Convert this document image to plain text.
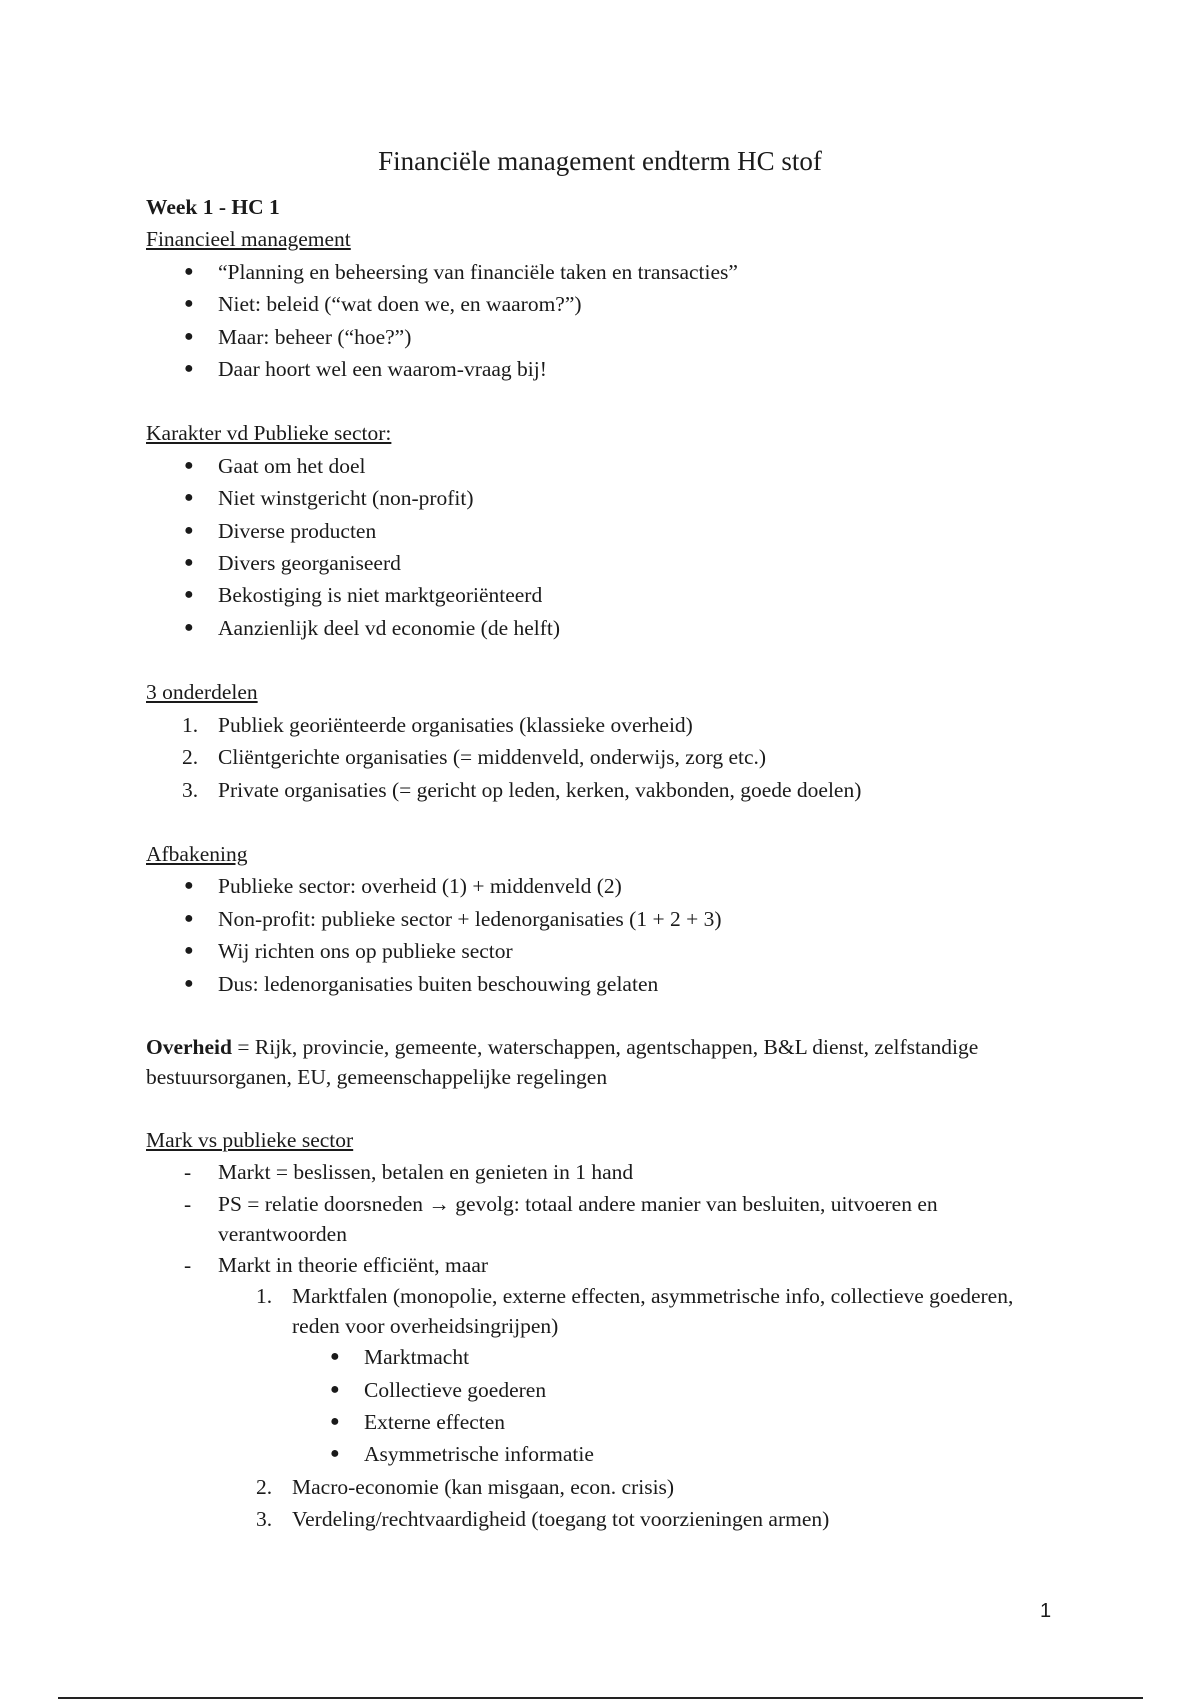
Financiële management endterm HC stof
Week 1 - HC 1
Financieel management
● “Planning en beheersing van financiële taken en transacties”
● Niet: beleid (“wat doen we, en waarom?”)
● Maar: beheer (“hoe?”)
● Daar hoort wel een waarom-vraag bij!
Karakter vd Publieke sector:
● Gaat om het doel
● Niet winstgericht (non-profit)
● Diverse producten
● Divers georganiseerd
● Bekostiging is niet marktgeoriënteerd
● Aanzienlijk deel vd economie (de helft)
3 onderdelen
1. Publiek georiënteerde organisaties (klassieke overheid)
2. Cliëntgerichte organisaties (= middenveld, onderwijs, zorg etc.)
3. Private organisaties (= gericht op leden, kerken, vakbonden, goede doelen)
Afbakening
● Publieke sector: overheid (1) + middenveld (2)
● Non-profit: publieke sector + ledenorganisaties (1 + 2 + 3)
● Wij richten ons op publieke sector
● Dus: ledenorganisaties buiten beschouwing gelaten
Overheid = Rijk, provincie, gemeente, waterschappen, agentschappen, B&L dienst, zelfstandige bestuursorganen, EU, gemeenschappelijke regelingen
Mark vs publieke sector
- Markt = beslissen, betalen en genieten in 1 hand
- PS = relatie doorsneden → gevolg: totaal andere manier van besluiten, uitvoeren en verantwoorden
- Markt in theorie efficiënt, maar
1. Marktfalen (monopolie, externe effecten, asymmetrische info, collectieve goederen, reden voor overheidsingrijpen)
● Marktmacht
● Collectieve goederen
● Externe effecten
● Asymmetrische informatie
2. Macro-economie (kan misgaan, econ. crisis)
3. Verdeling/rechtvaardigheid (toegang tot voorzieningen armen)
1
